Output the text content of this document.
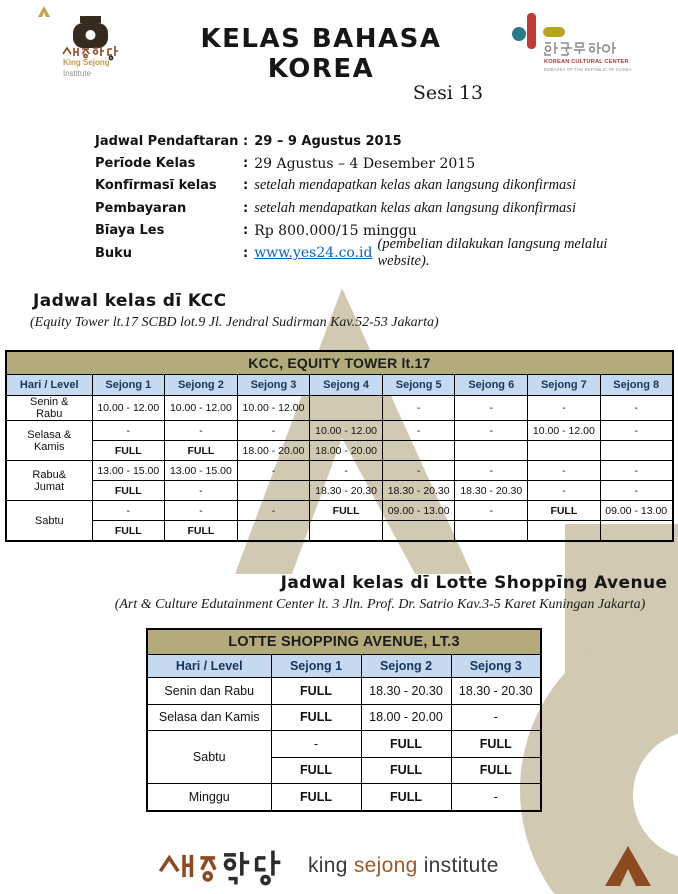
King Sejong
Institute
KELAS BAHASA KOREA
Sesi 13
KOREAN CULTURAL CENTER
EMBASSY OF THE REPUBLIC OF KOREA
Jadwal Pendaftaran : 29 – 9 Agustus 2015
Perīode Kelas	: 29 Agustus – 4 Desember 2015
Konfīrmasī kelas	: setelah mendapatkan kelas akan langsung dikonfirmasi
Pembayaran	: setelah mendapatkan kelas akan langsung dikonfirmasi
Bīaya Les	: Rp 800.000/15 minggu
Buku	: www.yes24.co.id
(pembelian dilakukan langsung melalui website).
Jadwal kelas dī KCC
(Equity Tower lt.17 SCBD lot.9 Jl. Jendral Sudirman Kav.52-53 Jakarta)
KCC, EQUITY TOWER lt.17								
Hari / Level	Sejong 1	Sejong 2	Sejong 3	Sejong 4	Sejong 5	Sejong 6	Sejong 7	Sejong 8
Senin & Rabu	10.00 - 12.00	10.00 - 12.00	10.00 - 12.00		-	-	-	-
Selasa & Kamis	-	-	-	10.00 - 12.00	-	-	10.00 - 12.00	-
	FULL	FULL	18.00 - 20.00	18.00 - 20.00				
Rabu& Jumat	13.00 - 15.00	13.00 - 15.00	-	-	-	-	-	-
	FULL	-		18.30 - 20.30	18.30 - 20.30	18.30 - 20.30	-	-
Sabtu	-	-	-	FULL	09.00 - 13.00	-	FULL	09.00 - 13.00
	FULL	FULL						
Jadwal kelas dī Lotte Shoppīng Avenue
(Art & Culture Edutainment Center lt. 3 Jln. Prof. Dr. Satrio Kav.3-5 Karet Kuningan Jakarta)
LOTTE SHOPPING AVENUE, LT.3			
Hari / Level	Sejong 1	Sejong 2	Sejong 3
Senin dan Rabu	FULL	18.30 - 20.30	18.30 - 20.30
Selasa dan Kamis	FULL	18.00 - 20.00	-
Sabtu	-	FULL	FULL
	FULL	FULL	FULL
Minggu	FULL	FULL	-
king sejong institute
